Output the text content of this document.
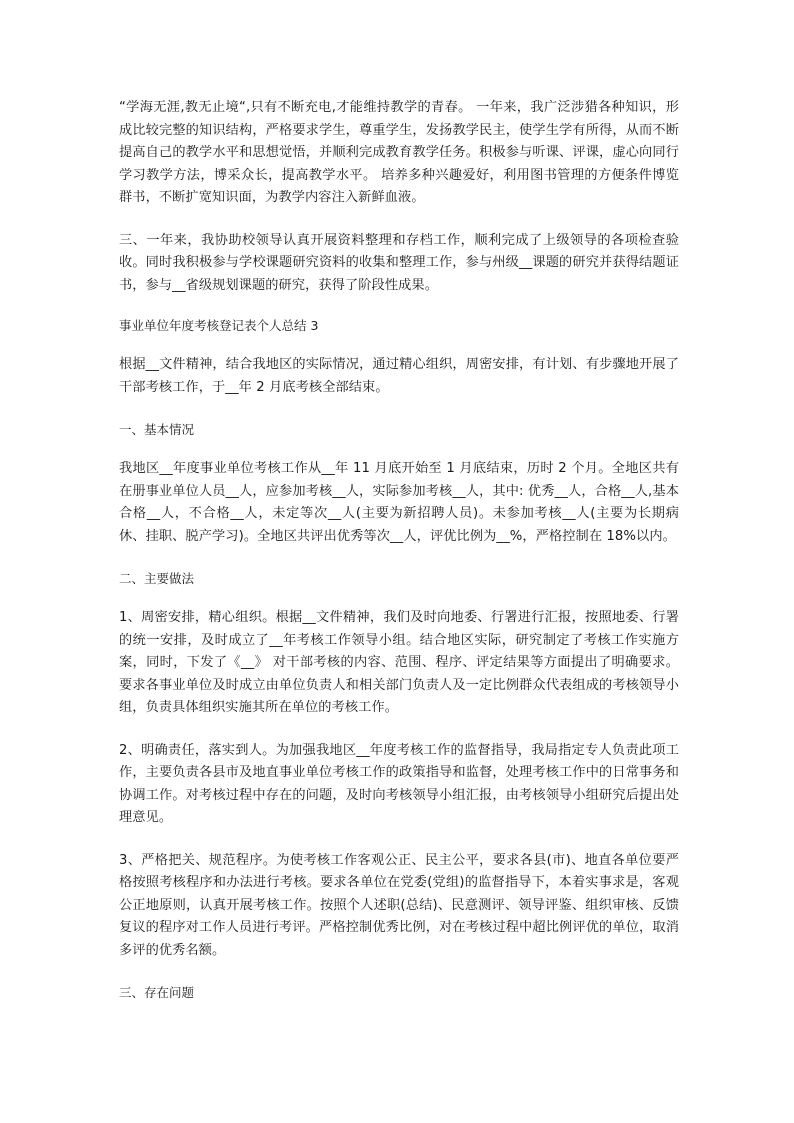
“学海无涯,教无止境“,只有不断充电,才能维持教学的青春。 一年来，我广泛涉猎各种知识，形成比较完整的知识结构，严格要求学生，尊重学生，发扬教学民主，使学生学有所得，从而不断提高自己的教学水平和思想觉悟，并顺利完成教育教学任务。积极参与听课、评课，虚心向同行学习教学方法，博采众长，提高教学水平。 培养多种兴趣爱好，利用图书管理的方便条件博览群书，不断扩宽知识面，为教学内容注入新鲜血液。

三、一年来，我协助校领导认真开展资料整理和存档工作，顺利完成了上级领导的各项检查验收。同时我积极参与学校课题研究资料的收集和整理工作，参与州级__课题的研究并获得结题证书，参与__省级规划课题的研究，获得了阶段性成果。

事业单位年度考核登记表个人总结 3

根据__文件精神，结合我地区的实际情况，通过精心组织，周密安排，有计划、有步骤地开展了干部考核工作，于__年 2 月底考核全部结束。

一、基本情况

我地区__年度事业单位考核工作从__年 11 月底开始至 1 月底结束，历时 2 个月。全地区共有在册事业单位人员__人，应参加考核__人，实际参加考核__人，其中: 优秀__人，合格__人,基本合格__人，不合格__人，未定等次__人(主要为新招聘人员)。未参加考核__人(主要为长期病休、挂职、脱产学习)。全地区共评出优秀等次__人，评优比例为__%，严格控制在 18%以内。

二、主要做法

1、周密安排，精心组织。根据__文件精神，我们及时向地委、行署进行汇报，按照地委、行署的统一安排，及时成立了__年考核工作领导小组。结合地区实际，研究制定了考核工作实施方案，同时，下发了《__》 对干部考核的内容、范围、程序、评定结果等方面提出了明确要求。要求各事业单位及时成立由单位负责人和相关部门负责人及一定比例群众代表组成的考核领导小组，负责具体组织实施其所在单位的考核工作。

2、明确责任，落实到人。为加强我地区__年度考核工作的监督指导，我局指定专人负责此项工作，主要负责各县市及地直事业单位考核工作的政策指导和监督，处理考核工作中的日常事务和协调工作。对考核过程中存在的问题，及时向考核领导小组汇报，由考核领导小组研究后提出处理意见。

3、严格把关、规范程序。为使考核工作客观公正、民主公平，要求各县(市)、地直各单位要严格按照考核程序和办法进行考核。要求各单位在党委(党组)的监督指导下，本着实事求是，客观公正地原则，认真开展考核工作。按照个人述职(总结)、民意测评、领导评鉴、组织审核、反馈复议的程序对工作人员进行考评。严格控制优秀比例，对在考核过程中超比例评优的单位，取消多评的优秀名额。

三、存在问题
